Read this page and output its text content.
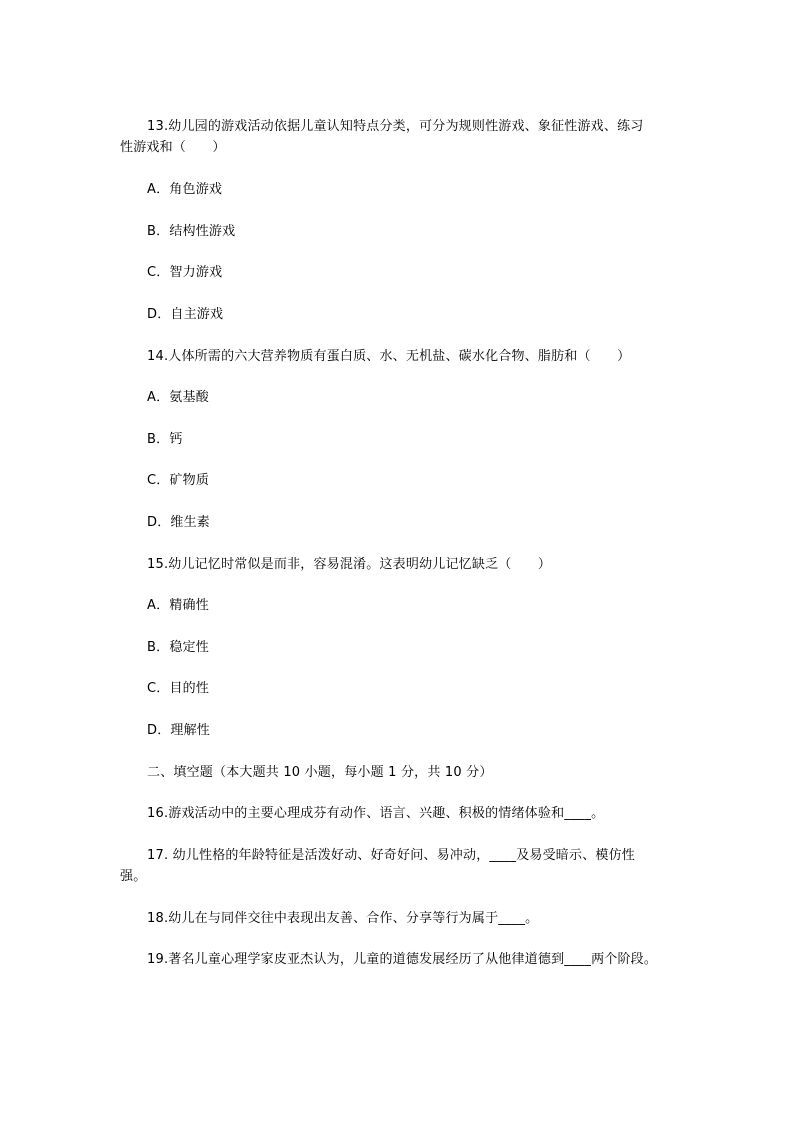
13.幼儿园的游戏活动依据儿童认知特点分类，可分为规则性游戏、象征性游戏、练习
性游戏和（　　）
A．角色游戏
B．结构性游戏
C．智力游戏
D．自主游戏
14.人体所需的六大营养物质有蛋白质、水、无机盐、碳水化合物、脂肪和（　　）
A．氨基酸
B．钙
C．矿物质
D．维生素
15.幼儿记忆时常似是而非，容易混淆。这表明幼儿记忆缺乏（　　）
A．精确性
B．稳定性
C．目的性
D．理解性
二、填空题（本大题共 10 小题，每小题 1 分，共 10 分）
16.游戏活动中的主要心理成芬有动作、语言、兴趣、积极的情绪体验和____。
17. 幼儿性格的年龄特征是活泼好动、好奇好问、易冲动，____及易受暗示、模仿性
强。
18.幼儿在与同伴交往中表现出友善、合作、分享等行为属于____。
19.著名儿童心理学家皮亚杰认为，儿童的道德发展经历了从他律道德到____两个阶段。
